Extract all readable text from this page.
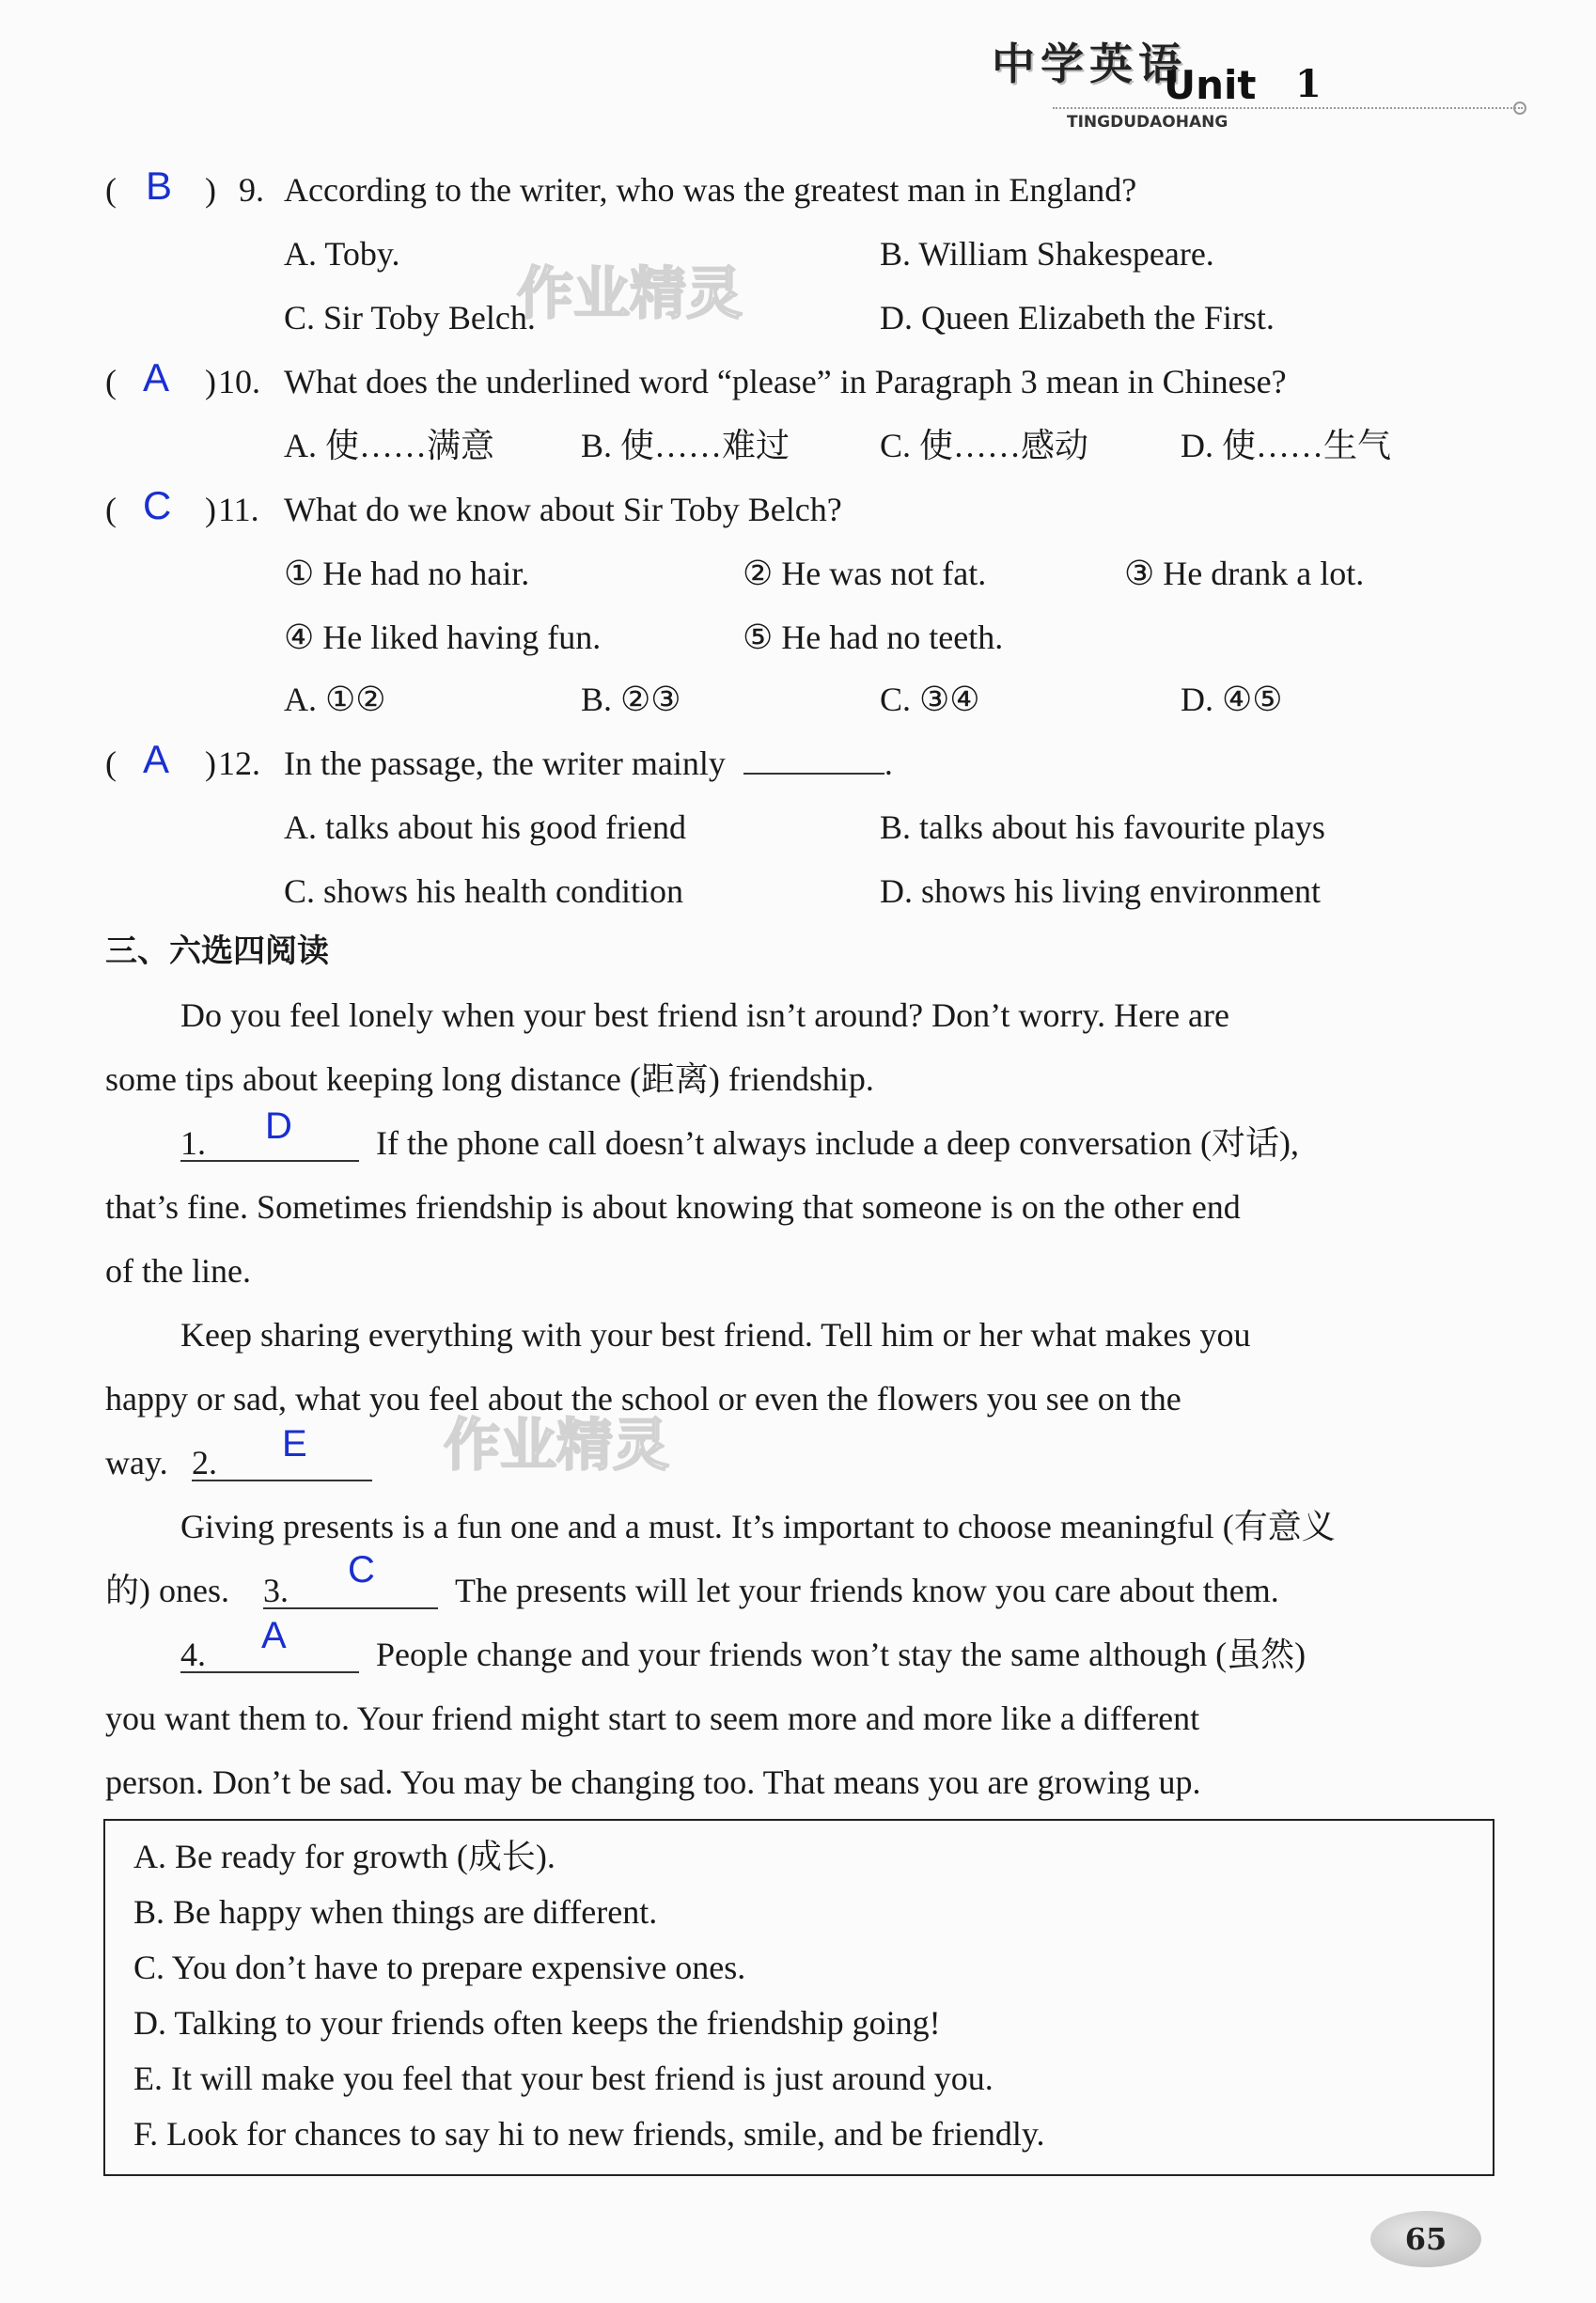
中学英语
Unit 1
TINGDUDAOHANG
( B ) 9. According to the writer, who was the greatest man in England?
A. Toby.	B. William Shakespeare.
C. Sir Toby Belch.	D. Queen Elizabeth the First.
作业精灵
( A ) 10. What does the underlined word “please” in Paragraph 3 mean in Chinese?
A. 使……满意	B. 使……难过	C. 使……感动	D. 使……生气
( C ) 11. What do we know about Sir Toby Belch?
① He had no hair.	② He was not fat.	③ He drank a lot.
④ He liked having fun.	⑤ He had no teeth.
A. ①②	B. ②③	C. ③④	D. ④⑤
( A ) 12. In the passage, the writer mainly	.
A. talks about his good friend	B. talks about his favourite plays
C. shows his health condition	D. shows his living environment
三、六选四阅读
Do you feel lonely when your best friend isn’t around? Don’t worry. Here are
some tips about keeping long distance (距离) friendship.
1. D If the phone call doesn’t always include a deep conversation (对话),
that’s fine. Sometimes friendship is about knowing that someone is on the other end
of the line.
Keep sharing everything with your best friend. Tell him or her what makes you
happy or sad, what you feel about the school or even the flowers you see on the
way. 2. E 作业精灵
Giving presents is a fun one and a must. It’s important to choose meaningful (有意义
的) ones. 3. C The presents will let your friends know you care about them.
4. A	People change and your friends won’t stay the same although (虽然)
you want them to. Your friend might start to seem more and more like a different
person. Don’t be sad. You may be changing too. That means you are growing up.
A. Be ready for growth (成长).
B. Be happy when things are different.
C. You don’t have to prepare expensive ones.
D. Talking to your friends often keeps the friendship going!
E. It will make you feel that your best friend is just around you.
F. Look for chances to say hi to new friends, smile, and be friendly.
65
